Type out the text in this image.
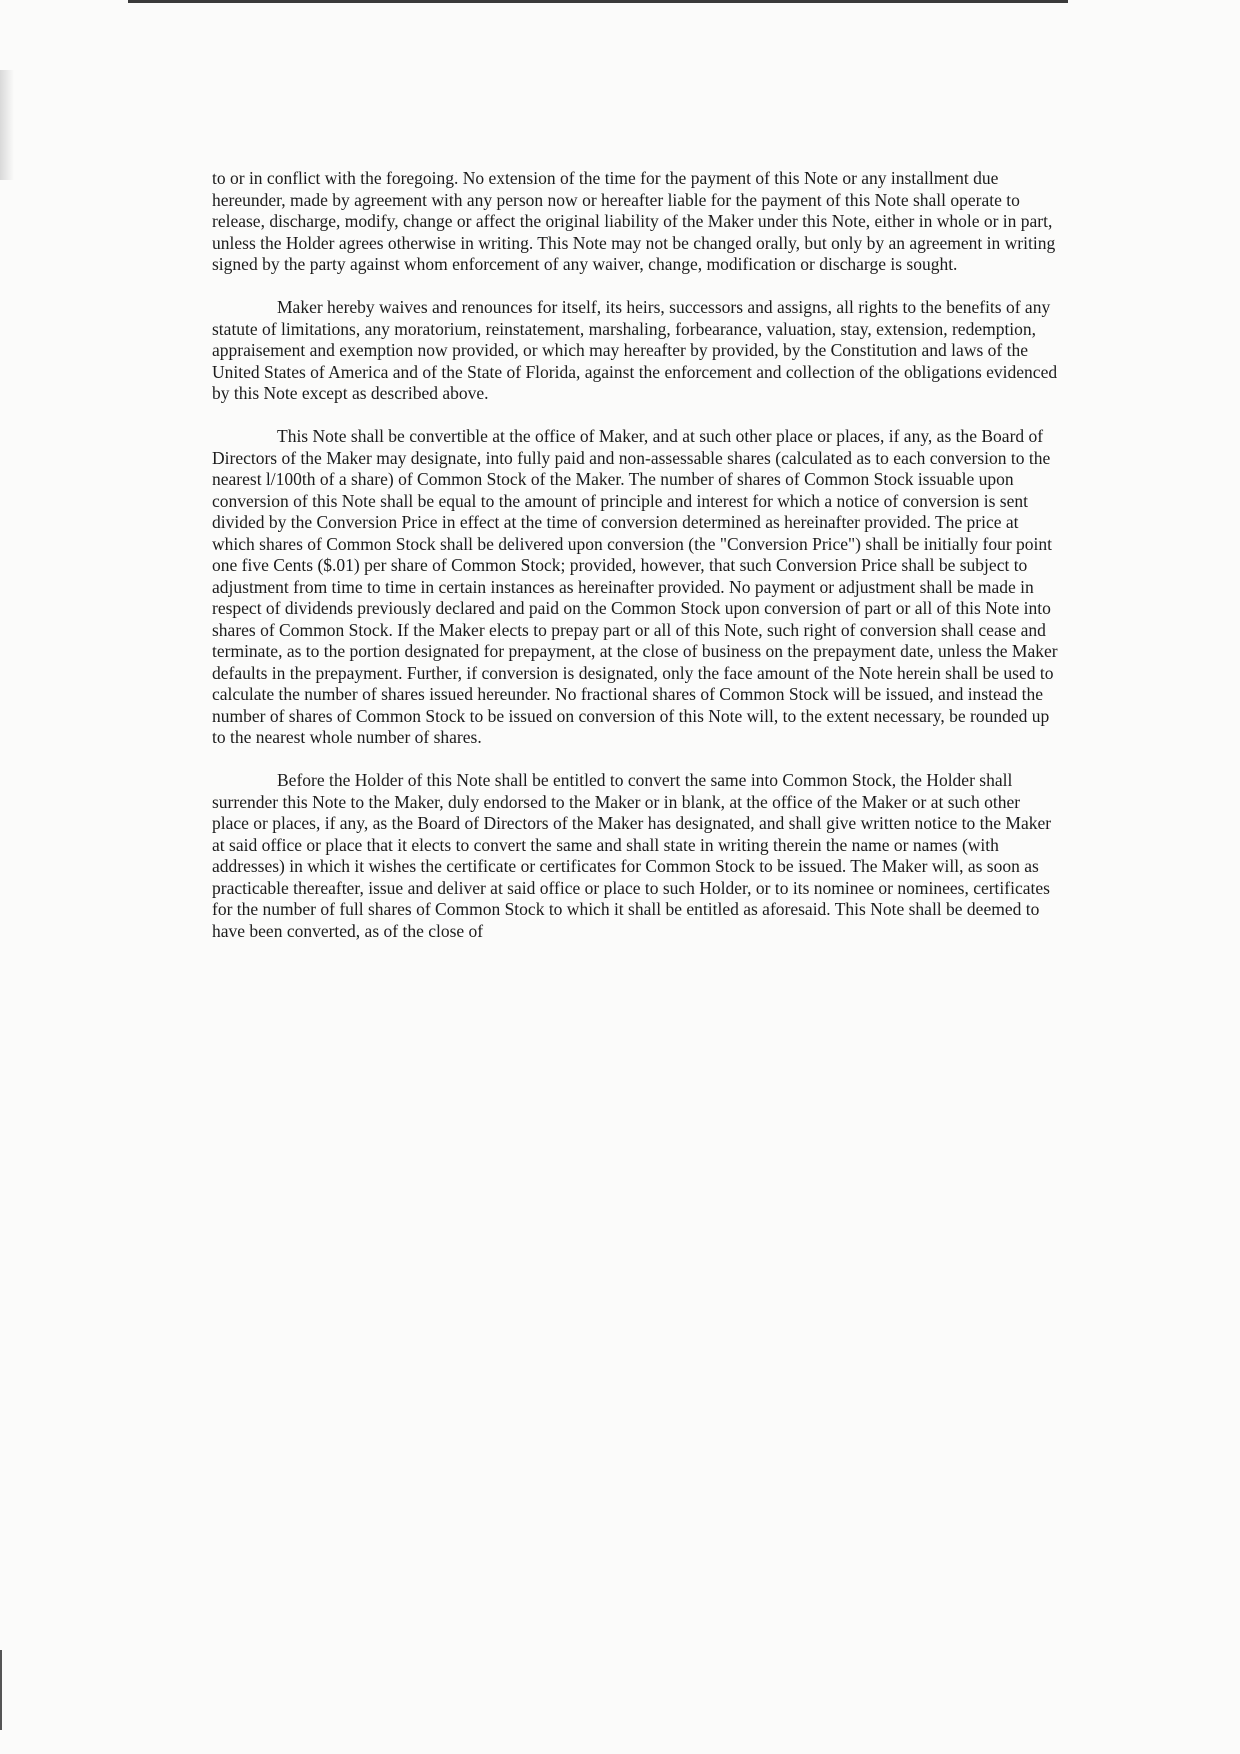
to or in conflict with the foregoing. No extension of the time for the payment of this Note or any installment due hereunder, made by agreement with any person now or hereafter liable for the payment of this Note shall operate to release, discharge, modify, change or affect the original liability of the Maker under this Note, either in whole or in part, unless the Holder agrees otherwise in writing. This Note may not be changed orally, but only by an agreement in writing signed by the party against whom enforcement of any waiver, change, modification or discharge is sought.

Maker hereby waives and renounces for itself, its heirs, successors and assigns, all rights to the benefits of any statute of limitations, any moratorium, reinstatement, marshaling, forbearance, valuation, stay, extension, redemption, appraisement and exemption now provided, or which may hereafter by provided, by the Constitution and laws of the United States of America and of the State of Florida, against the enforcement and collection of the obligations evidenced by this Note except as described above.

This Note shall be convertible at the office of Maker, and at such other place or places, if any, as the Board of Directors of the Maker may designate, into fully paid and non-assessable shares (calculated as to each conversion to the nearest l/100th of a share) of Common Stock of the Maker. The number of shares of Common Stock issuable upon conversion of this Note shall be equal to the amount of principle and interest for which a notice of conversion is sent divided by the Conversion Price in effect at the time of conversion determined as hereinafter provided. The price at which shares of Common Stock shall be delivered upon conversion (the "Conversion Price") shall be initially four point one five Cents ($.01) per share of Common Stock; provided, however, that such Conversion Price shall be subject to adjustment from time to time in certain instances as hereinafter provided. No payment or adjustment shall be made in respect of dividends previously declared and paid on the Common Stock upon conversion of part or all of this Note into shares of Common Stock. If the Maker elects to prepay part or all of this Note, such right of conversion shall cease and terminate, as to the portion designated for prepayment, at the close of business on the prepayment date, unless the Maker defaults in the prepayment. Further, if conversion is designated, only the face amount of the Note herein shall be used to calculate the number of shares issued hereunder. No fractional shares of Common Stock will be issued, and instead the number of shares of Common Stock to be issued on conversion of this Note will, to the extent necessary, be rounded up to the nearest whole number of shares.

Before the Holder of this Note shall be entitled to convert the same into Common Stock, the Holder shall surrender this Note to the Maker, duly endorsed to the Maker or in blank, at the office of the Maker or at such other place or places, if any, as the Board of Directors of the Maker has designated, and shall give written notice to the Maker at said office or place that it elects to convert the same and shall state in writing therein the name or names (with addresses) in which it wishes the certificate or certificates for Common Stock to be issued. The Maker will, as soon as practicable thereafter, issue and deliver at said office or place to such Holder, or to its nominee or nominees, certificates for the number of full shares of Common Stock to which it shall be entitled as aforesaid. This Note shall be deemed to have been converted, as of the close of
